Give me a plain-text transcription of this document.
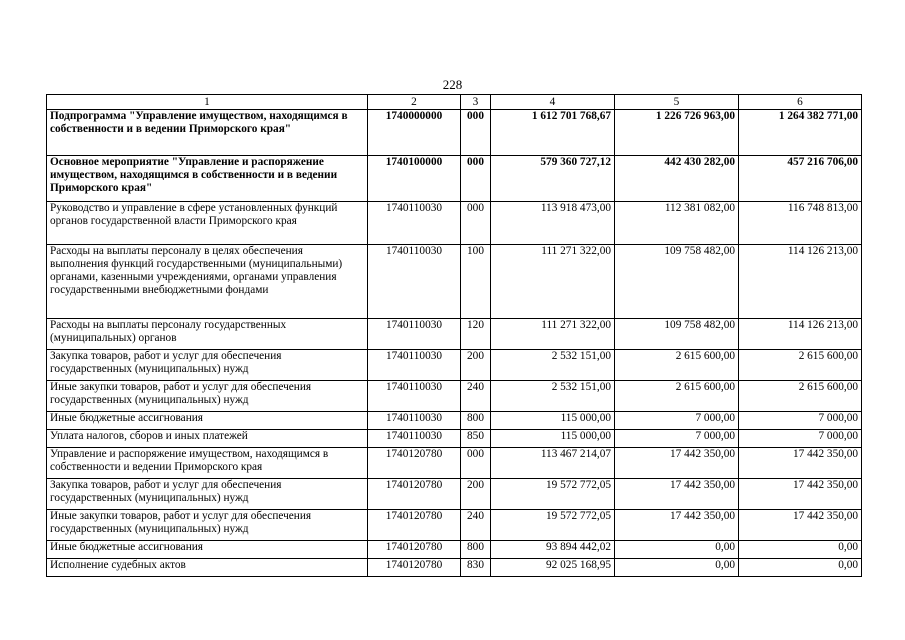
228
1	2	3	4	5	6
Подпрограмма "Управление имуществом, находящимся в собственности и в ведении Приморского края"	1740000000	000	1 612 701 768,67	1 226 726 963,00	1 264 382 771,00
Основное мероприятие "Управление и распоряжение имуществом, находящимся в собственности и в ведении Приморского края"	1740100000	000	579 360 727,12	442 430 282,00	457 216 706,00
Руководство и управление в сфере установленных функций органов государственной власти Приморского края	1740110030	000	113 918 473,00	112 381 082,00	116 748 813,00
Расходы на выплаты персоналу в целях обеспечения выполнения функций государственными (муниципальными) органами, казенными учреждениями, органами управления государственными внебюджетными фондами	1740110030	100	111 271 322,00	109 758 482,00	114 126 213,00
Расходы на выплаты персоналу государственных (муниципальных) органов	1740110030	120	111 271 322,00	109 758 482,00	114 126 213,00
Закупка товаров, работ и услуг для обеспечения государственных (муниципальных) нужд	1740110030	200	2 532 151,00	2 615 600,00	2 615 600,00
Иные закупки товаров, работ и услуг для обеспечения государственных (муниципальных) нужд	1740110030	240	2 532 151,00	2 615 600,00	2 615 600,00
Иные бюджетные ассигнования	1740110030	800	115 000,00	7 000,00	7 000,00
Уплата налогов, сборов и иных платежей	1740110030	850	115 000,00	7 000,00	7 000,00
Управление и распоряжение имуществом, находящимся в собственности и ведении Приморского края	1740120780	000	113 467 214,07	17 442 350,00	17 442 350,00
Закупка товаров, работ и услуг для обеспечения государственных (муниципальных) нужд	1740120780	200	19 572 772,05	17 442 350,00	17 442 350,00
Иные закупки товаров, работ и услуг для обеспечения государственных (муниципальных) нужд	1740120780	240	19 572 772,05	17 442 350,00	17 442 350,00
Иные бюджетные ассигнования	1740120780	800	93 894 442,02	0,00	0,00
Исполнение судебных актов	1740120780	830	92 025 168,95	0,00	0,00
